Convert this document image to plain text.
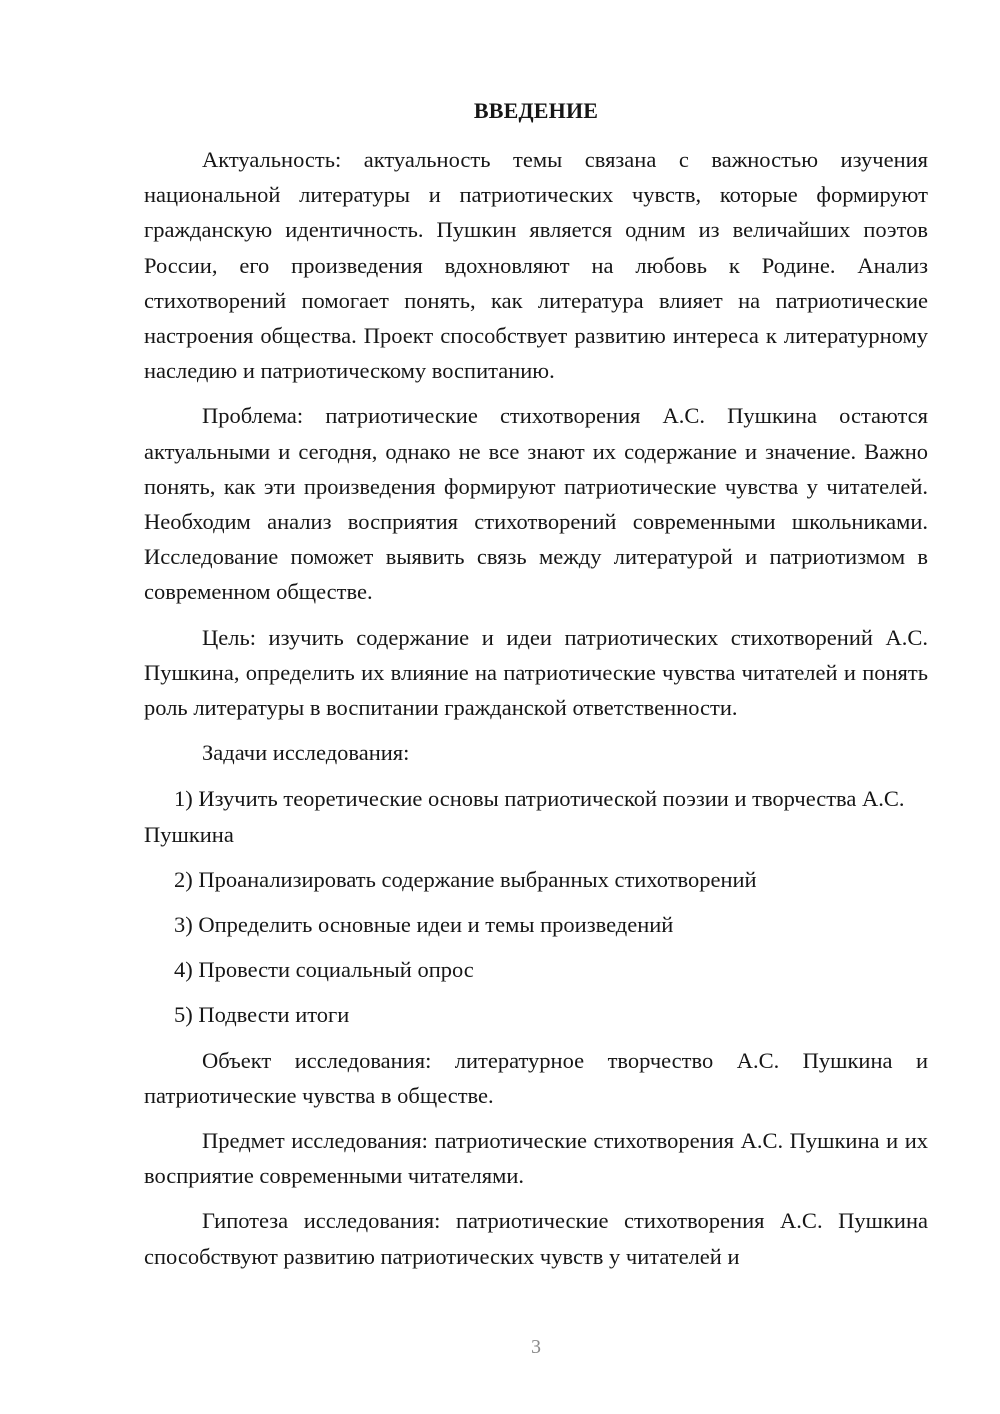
ВВЕДЕНИЕ

Актуальность: актуальность темы связана с важностью изучения национальной литературы и патриотических чувств, которые формируют гражданскую идентичность. Пушкин является одним из величайших поэтов России, его произведения вдохновляют на любовь к Родине. Анализ стихотворений помогает понять, как литература влияет на патриотические настроения общества. Проект способствует развитию интереса к литературному наследию и патриотическому воспитанию.

Проблема: патриотические стихотворения А.С. Пушкина остаются актуальными и сегодня, однако не все знают их содержание и значение. Важно понять, как эти произведения формируют патриотические чувства у читателей. Необходим анализ восприятия стихотворений современными школьниками. Исследование поможет выявить связь между литературой и патриотизмом в современном обществе.

Цель: изучить содержание и идеи патриотических стихотворений А.С. Пушкина, определить их влияние на патриотические чувства читателей и понять роль литературы в воспитании гражданской ответственности.

Задачи исследования:

1) Изучить теоретические основы патриотической поэзии и творчества А.С. Пушкина

2) Проанализировать содержание выбранных стихотворений

3) Определить основные идеи и темы произведений

4) Провести социальный опрос

5) Подвести итоги

Объект исследования: литературное творчество А.С. Пушкина и патриотические чувства в обществе.

Предмет исследования: патриотические стихотворения А.С. Пушкина и их восприятие современными читателями.

Гипотеза исследования: патриотические стихотворения А.С. Пушкина способствуют развитию патриотических чувств у читателей и

3
